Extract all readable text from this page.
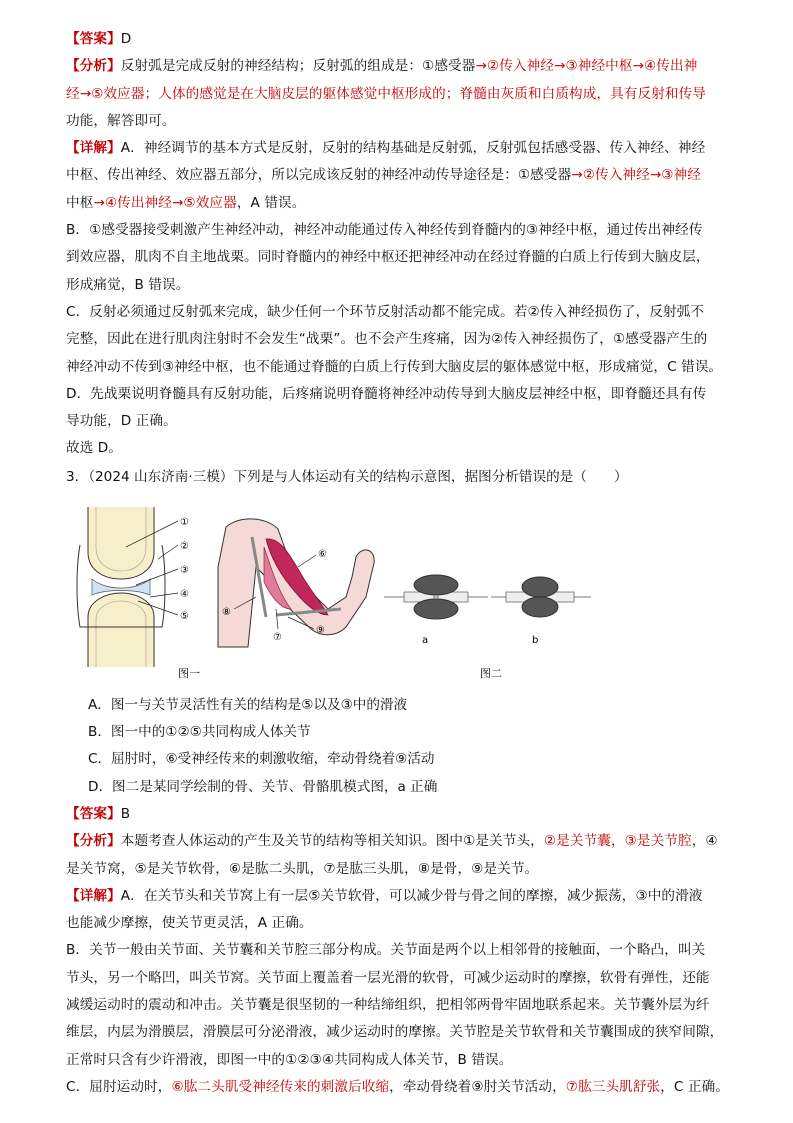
【答案】D
【分析】反射弧是完成反射的神经结构；反射弧的组成是：①感受器→②传入神经→③神经中枢→④传出神
经→⑤效应器；人体的感觉是在大脑皮层的躯体感觉中枢形成的；脊髓由灰质和白质构成，具有反射和传导
功能，解答即可。
【详解】A．神经调节的基本方式是反射，反射的结构基础是反射弧，反射弧包括感受器、传入神经、神经
中枢、传出神经、效应器五部分，所以完成该反射的神经冲动传导途径是：①感受器→②传入神经→③神经
中枢→④传出神经→⑤效应器，A 错误。
B．①感受器接受刺激产生神经冲动，神经冲动能通过传入神经传到脊髓内的③神经中枢，通过传出神经传
到效应器，肌肉不自主地战栗。同时脊髓内的神经中枢还把神经冲动在经过脊髓的白质上行传到大脑皮层，
形成痛觉，B 错误。
C．反射必须通过反射弧来完成，缺少任何一个环节反射活动都不能完成。若②传入神经损伤了，反射弧不
完整，因此在进行肌肉注射时不会发生“战栗”。也不会产生疼痛，因为②传入神经损伤了，①感受器产生的
神经冲动不传到③神经中枢，也不能通过脊髓的白质上行传到大脑皮层的躯体感觉中枢，形成痛觉，C 错误。
D．先战栗说明脊髓具有反射功能，后疼痛说明脊髓将神经冲动传导到大脑皮层神经中枢，即脊髓还具有传
导功能，D 正确。
故选 D。
3．（2024 山东济南·三模）下列是与人体运动有关的结构示意图，据图分析错误的是（　　）
①
②
③
④
⑤
图一
⑥
⑦
⑧
⑨
a	b
图二
A．图一与关节灵活性有关的结构是⑤以及③中的滑液
B．图一中的①②⑤共同构成人体关节
C．屈肘时，⑥受神经传来的刺激收缩，牵动骨绕着⑨活动
D．图二是某同学绘制的骨、关节、骨骼肌模式图，a 正确
【答案】B
【分析】本题考查人体运动的产生及关节的结构等相关知识。图中①是关节头，②是关节囊，③是关节腔，④
是关节窝，⑤是关节软骨，⑥是肱二头肌，⑦是肱三头肌，⑧是骨，⑨是关节。
【详解】A．在关节头和关节窝上有一层⑤关节软骨，可以减少骨与骨之间的摩擦，减少振荡，③中的滑液
也能减少摩擦，使关节更灵活，A 正确。
B．关节一般由关节面、关节囊和关节腔三部分构成。关节面是两个以上相邻骨的接触面，一个略凸，叫关
节头，另一个略凹，叫关节窝。关节面上覆盖着一层光滑的软骨，可减少运动时的摩擦，软骨有弹性，还能
减缓运动时的震动和冲击。关节囊是很坚韧的一种结缔组织，把相邻两骨牢固地联系起来。关节囊外层为纤
维层，内层为滑膜层，滑膜层可分泌滑液，减少运动时的摩擦。关节腔是关节软骨和关节囊围成的狭窄间隙，
正常时只含有少许滑液，即图一中的①②③④共同构成人体关节，B 错误。
C．屈肘运动时，⑥肱二头肌受神经传来的刺激后收缩，牵动骨绕着⑨肘关节活动，⑦肱三头肌舒张，C 正确。
